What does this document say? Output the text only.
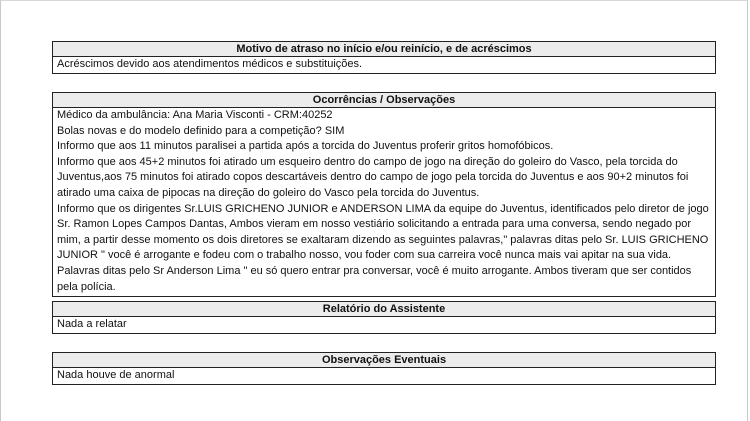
Motivo de atraso no início e/ou reinício, e de acréscimos

Acréscimos devido aos atendimentos médicos e substituições.

Ocorrências / Observações

Médico da ambulância: Ana Maria Visconti - CRM:40252

Bolas novas e do modelo definido para a competição? SIM

Informo que aos 11 minutos paralisei a partida após a torcida do Juventus proferir gritos homofóbicos.

Informo que aos 45+2 minutos foi atirado um esqueiro dentro do campo de jogo na direção do goleiro do Vasco, pela torcida do Juventus,aos 75 minutos foi atirado copos descartáveis dentro do campo de jogo pela torcida do Juventus e aos 90+2 minutos foi atirado uma caixa de pipocas na direção do goleiro do Vasco pela torcida do Juventus.

Informo que os dirigentes Sr.LUIS GRICHENO JUNIOR e ANDERSON LIMA da equipe do Juventus, identificados pelo diretor de jogo Sr. Ramon Lopes Campos Dantas, Ambos vieram em nosso vestiário solicitando a entrada para uma conversa, sendo negado por mim, a partir desse momento os dois diretores se exaltaram dizendo as seguintes palavras," palavras ditas pelo Sr. LUIS GRICHENO JUNIOR " você é arrogante e fodeu com o trabalho nosso, vou foder com sua carreira você nunca mais vai apitar na sua vida. Palavras ditas pelo Sr Anderson Lima " eu só quero entrar pra conversar, você é muito arrogante. Ambos tiveram que ser contidos pela polícia.

Relatório do Assistente

Nada a relatar

Observações Eventuais

Nada houve de anormal
